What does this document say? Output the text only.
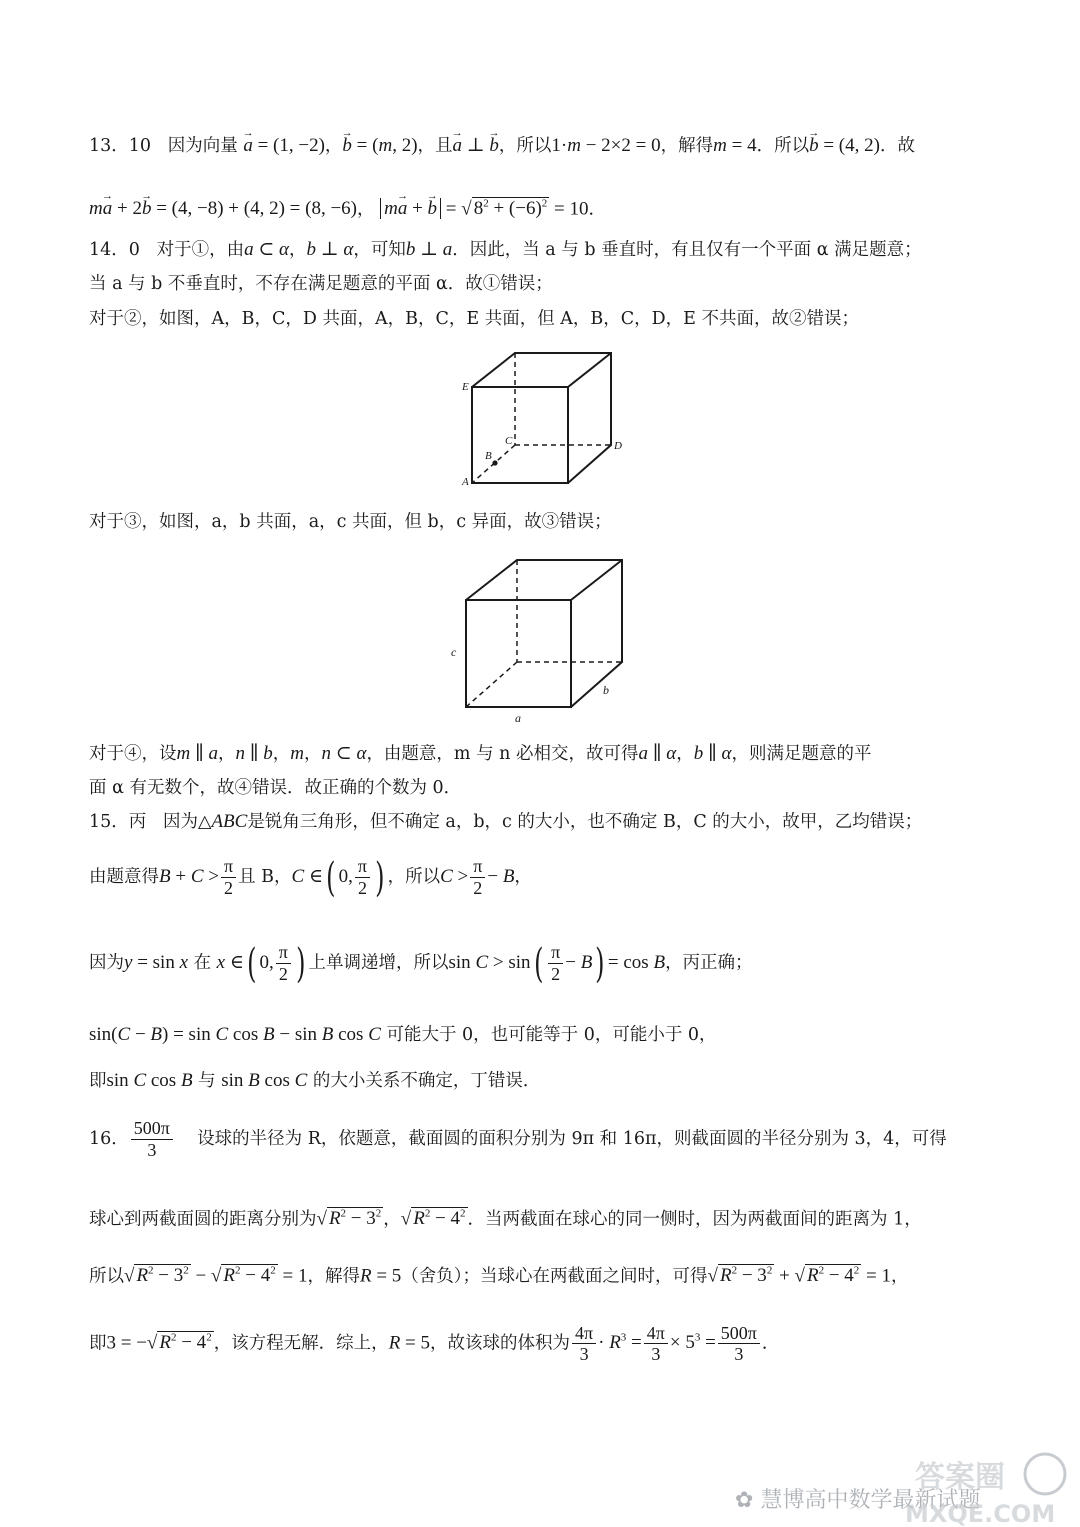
13．10 因为向量 → a = (1, −2)，→ b = (m, 2)，且→ a ⊥ → b，所以1·m − 2×2 = 0，解得m = 4．所以→ b = (4, 2)．故
m→ a + 2→ b = (4, −8) + (4, 2) = (8, −6)， m→ a + → b = √ $8^2 + (-6)^2 = 10$．
14．0 对于①，由a ⊂ α，b ⊥ α，可知b ⊥ a．因此，当 a 与 b 垂直时，有且仅有一个平面 α 满足题意；
当 a 与 b 不垂直时，不存在满足题意的平面 α．故①错误；
对于②，如图，A，B，C，D 共面，A，B，C，E 共面，但 A，B，C，D，E 不共面，故②错误；
E
C	D
B
A
对于③，如图，a，b 共面，a，c 共面，但 b，c 异面，故③错误；
c
b
a
对于④，设m ∥ a，n ∥ b，m，n ⊂ α，由题意，m 与 n 必相交，故可得a ∥ α，b ∥ α，则满足题意的平
面 α 有无数个，故④错误．故正确的个数为 0．
15．丙 因为△ABC是锐角三角形，但不确定 a，b，c 的大小，也不确定 B，C 的大小，故甲，乙均错误；
由题意得$B + C > \frac{\pi}{2}$ 且 B，C ∈( 0, $\frac{\pi}{2}$ ) ，所以$C > \frac{\pi}{2} - B$，
因为y = sin x 在 x ∈( 0, $\frac{\pi}{2}$ ) 上单调递增，所以$\sin C > \sin( \frac{\pi}{2} - B) = \cos B$，丙正确；
sin(C − B) = sin C cos B − sin B cos C 可能大于 0，也可能等于 0，可能小于 0，
即sin C cos B 与 sin B cos C 的大小关系不确定，丁错误．
16． $\frac{500\pi}{3}$ 设球的半径为 R，依题意，截面圆的面积分别为 9π 和 16π，则截面圆的半径分别为 3，4，可得
球心到两截面圆的距离分别为√ $R^2 - 3^2$ ，√ $R^2 - 4^2$ ．当两截面在球心的同一侧时，因为两截面间的距离为 1，
所以√ $R^2 - 3^2$ − √ $R^2 - 4^2 = 1$，解得R = 5（舍负）；当球心在两截面之间时，可得√ $R^2 - 3^2$ + √ $R^2 - 4^2 = 1$，
即3 = −√ $R^2 - 4^2$ ，该方程无解．综上，R = 5，故该球的体积为 $\frac{4\pi}{3} \cdot R^3 = \frac{4\pi}{3} \times 5^3 = \frac{500\pi}{3}$ ．
✿ 慧博高中数学最新试题
答案圈
MXQE.COM
